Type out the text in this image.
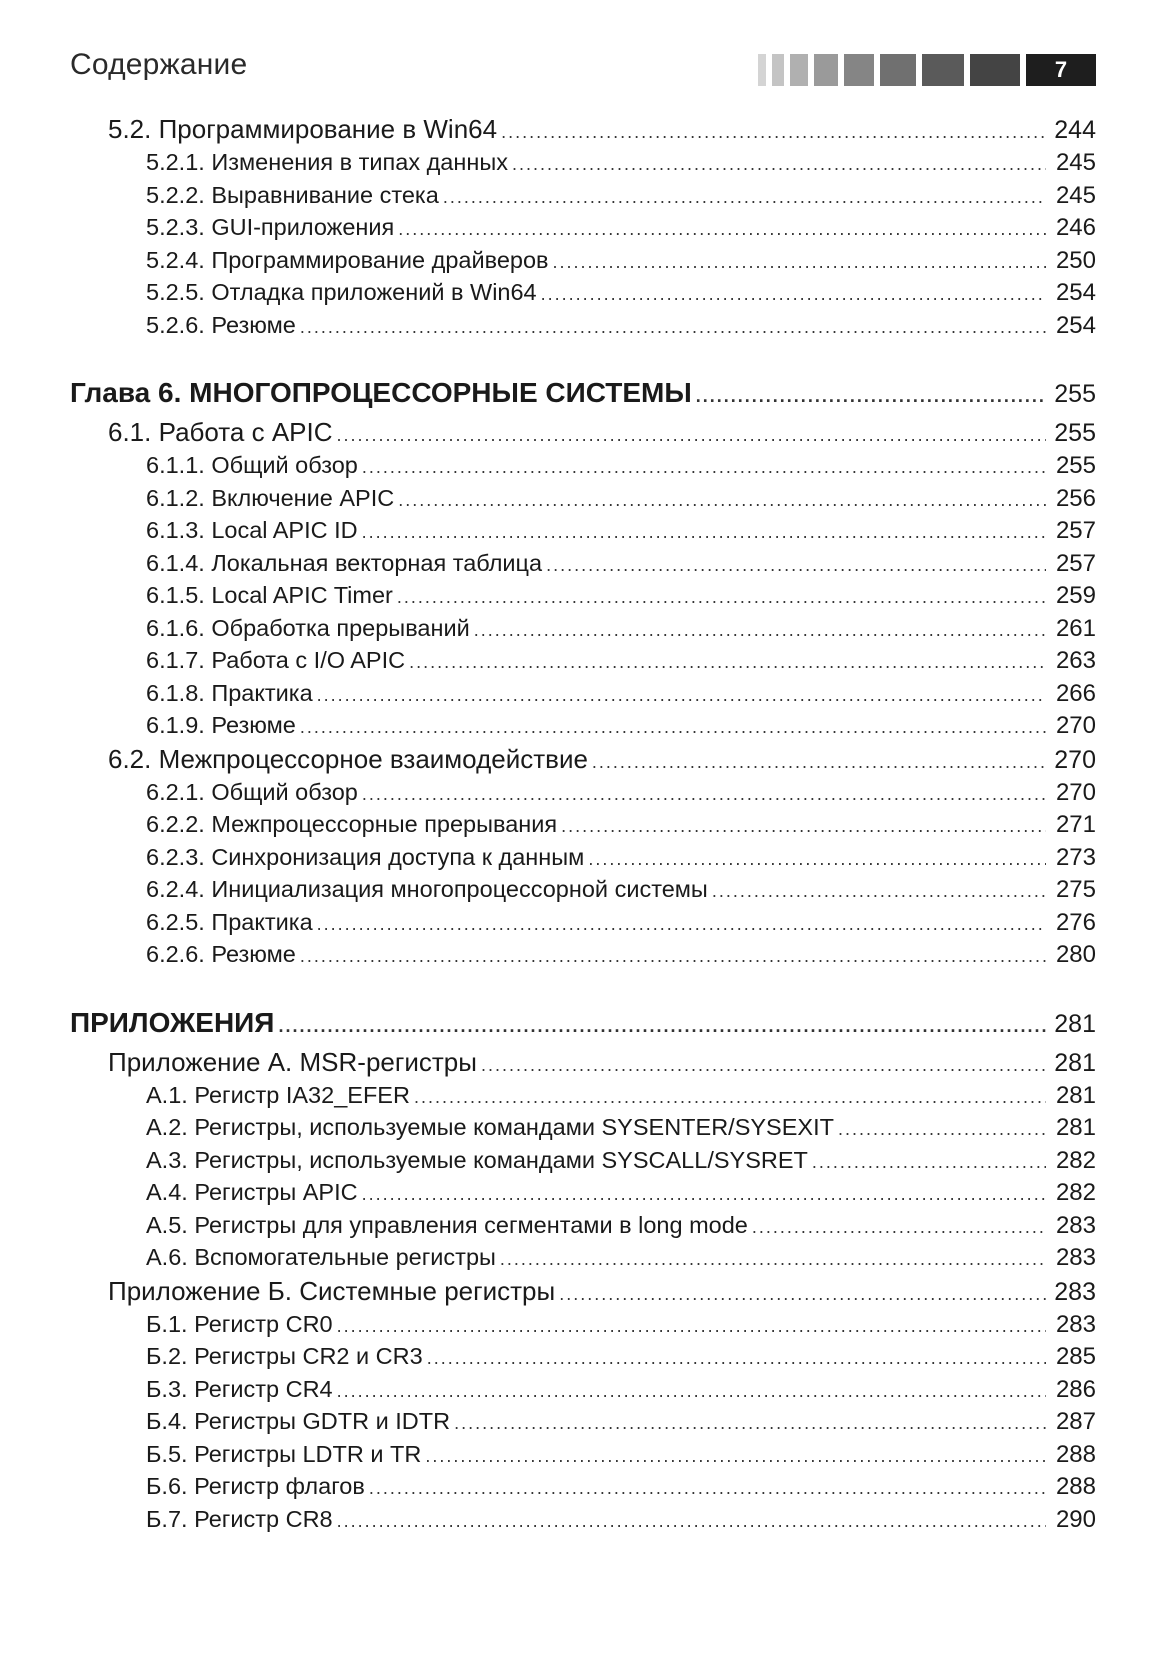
Содержание	7
5.2. Программирование в Win64 .....	244
5.2.1. Изменения в типах данных .....	245
5.2.2. Выравнивание стека .....	245
5.2.3. GUI-приложения .....	246
5.2.4. Программирование драйверов .....	250
5.2.5. Отладка приложений в Win64 .....	254
5.2.6. Резюме .....	254
Глава 6. МНОГОПРОЦЕССОРНЫЕ СИСТЕМЫ .....	255
6.1. Работа с APIC .....	255
6.1.1. Общий обзор .....	255
6.1.2. Включение APIC .....	256
6.1.3. Local APIC ID .....	257
6.1.4. Локальная векторная таблица .....	257
6.1.5. Local APIC Timer .....	259
6.1.6. Обработка прерываний .....	261
6.1.7. Работа с I/O APIC .....	263
6.1.8. Практика .....	266
6.1.9. Резюме .....	270
6.2. Межпроцессорное взаимодействие .....	270
6.2.1. Общий обзор .....	270
6.2.2. Межпроцессорные прерывания .....	271
6.2.3. Синхронизация доступа к данным .....	273
6.2.4. Инициализация многопроцессорной системы .....	275
6.2.5. Практика .....	276
6.2.6. Резюме .....	280
ПРИЛОЖЕНИЯ .....	281
Приложение А. MSR-регистры .....	281
А.1. Регистр IA32_EFER .....	281
А.2. Регистры, используемые командами SYSENTER/SYSEXIT .....	281
А.3. Регистры, используемые командами SYSCALL/SYSRET .....	282
А.4. Регистры APIC .....	282
А.5. Регистры для управления сегментами в long mode .....	283
А.6. Вспомогательные регистры .....	283
Приложение Б. Системные регистры .....	283
Б.1. Регистр CR0 .....	283
Б.2. Регистры CR2 и CR3 .....	285
Б.3. Регистр CR4 .....	286
Б.4. Регистры GDTR и IDTR .....	287
Б.5. Регистры LDTR и TR .....	288
Б.6. Регистр флагов .....	288
Б.7. Регистр CR8 .....	290
